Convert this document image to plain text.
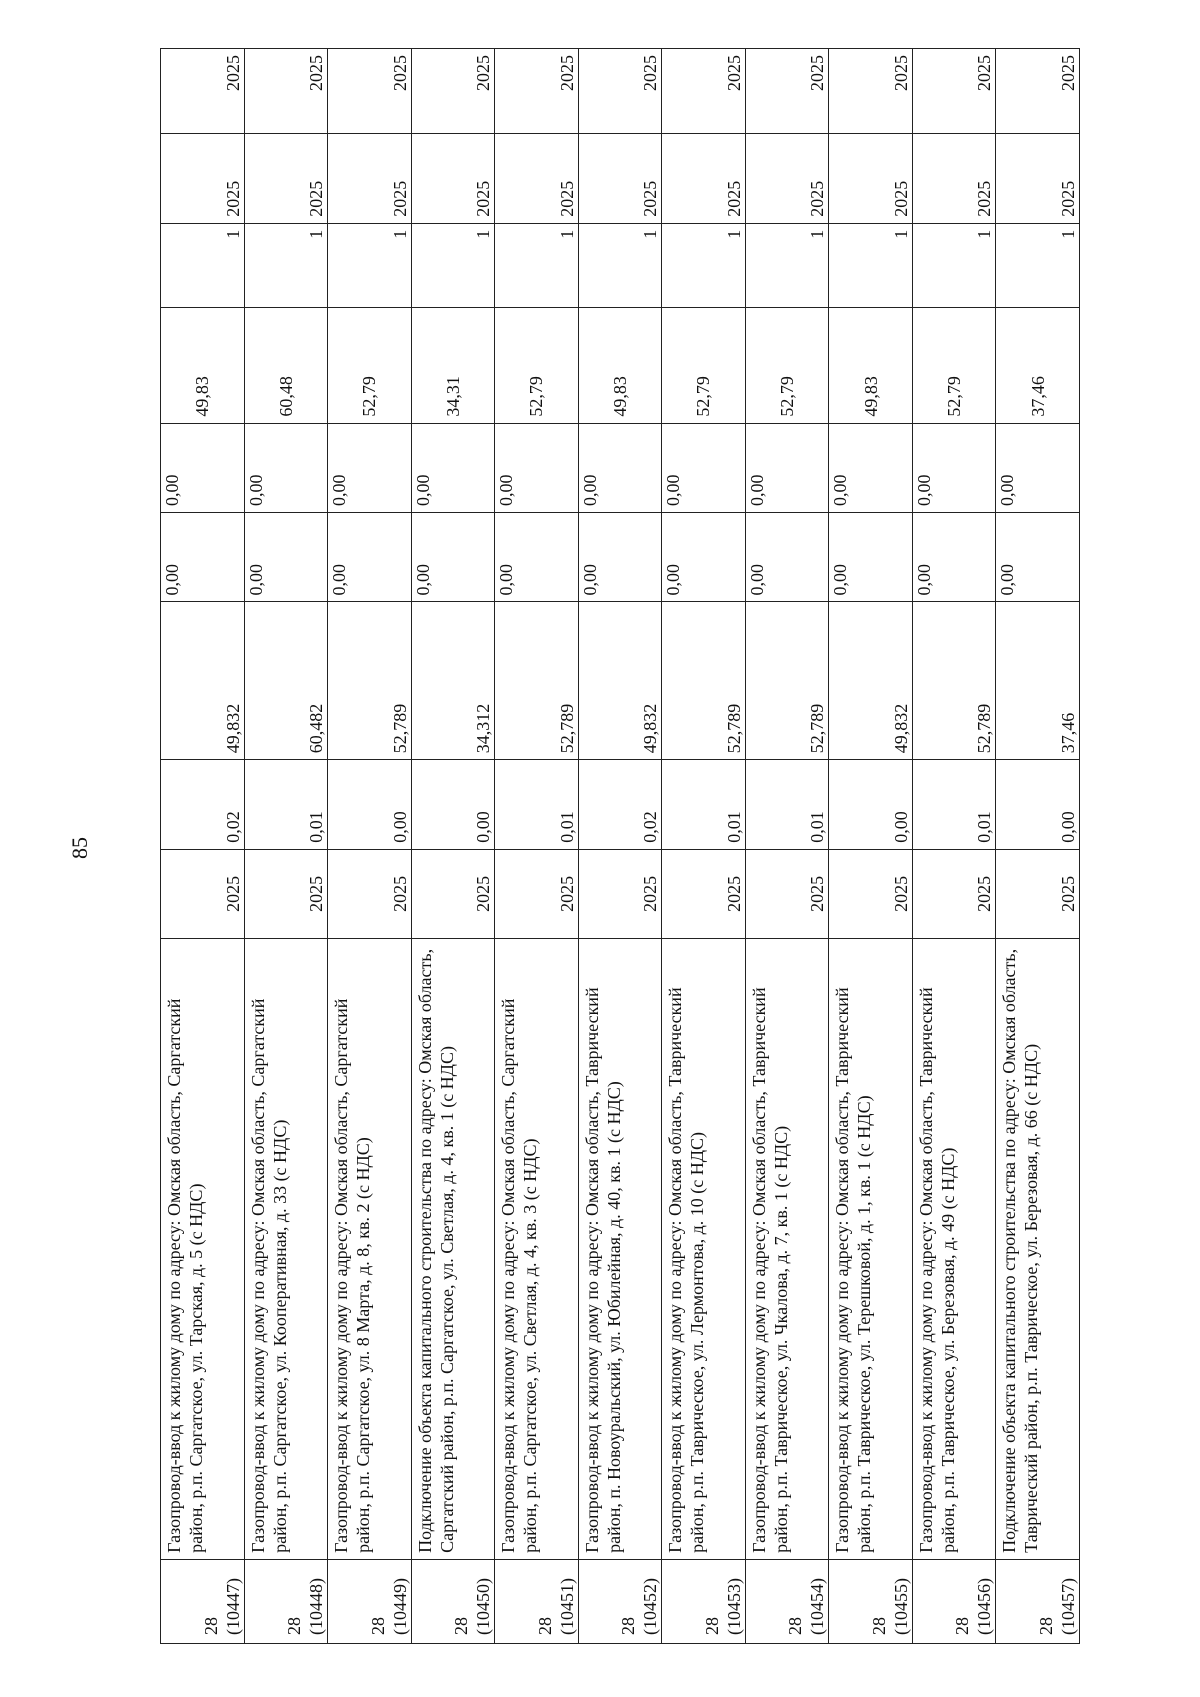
85
28 (10447)	Газопровод-ввод к жилому дому по адресу: Омская область, Саргатский район, р.п. Саргатское, ул. Тарская, д. 5 (с НДС)	2025	0,02	49,832	0,00	0,00	49,83	1	2025	2025

28 (10448)	Газопровод-ввод к жилому дому по адресу: Омская область, Саргатский район, р.п. Саргатское, ул. Кооперативная, д. 33 (с НДС)	2025	0,01	60,482	0,00	0,00	60,48	1	2025	2025

28 (10449)	Газопровод-ввод к жилому дому по адресу: Омская область, Саргатский район, р.п. Саргатское, ул. 8 Марта, д. 8, кв. 2 (с НДС)	2025	0,00	52,789	0,00	0,00	52,79	1	2025	2025

28 (10450)	Подключение объекта капитального строительства по адресу: Омская область, Саргатский район, р.п. Саргатское, ул. Светлая, д. 4, кв. 1 (с НДС)	2025	0,00	34,312	0,00	0,00	34,31	1	2025	2025

28 (10451)	Газопровод-ввод к жилому дому по адресу: Омская область, Саргатский район, р.п. Саргатское, ул. Светлая, д. 4, кв. 3 (с НДС)	2025	0,01	52,789	0,00	0,00	52,79	1	2025	2025

28 (10452)	Газопровод-ввод к жилому дому по адресу: Омская область, Таврический район, п. Новоуральский, ул. Юбилейная, д. 40, кв. 1 (с НДС)	2025	0,02	49,832	0,00	0,00	49,83	1	2025	2025

28 (10453)	Газопровод-ввод к жилому дому по адресу: Омская область, Таврический район, р.п. Таврическое, ул. Лермонтова, д. 10 (с НДС)	2025	0,01	52,789	0,00	0,00	52,79	1	2025	2025

28 (10454)	Газопровод-ввод к жилому дому по адресу: Омская область, Таврический район, р.п. Таврическое, ул. Чкалова, д. 7, кв. 1 (с НДС)	2025	0,01	52,789	0,00	0,00	52,79	1	2025	2025

28 (10455)	Газопровод-ввод к жилому дому по адресу: Омская область, Таврический район, р.п. Таврическое, ул. Терешковой, д. 1, кв. 1 (с НДС)	2025	0,00	49,832	0,00	0,00	49,83	1	2025	2025

28 (10456)	Газопровод-ввод к жилому дому по адресу: Омская область, Таврический район, р.п. Таврическое, ул. Березовая, д. 49 (с НДС)	2025	0,01	52,789	0,00	0,00	52,79	1	2025	2025

28 (10457)	Подключение объекта капитального строительства по адресу: Омская область, Таврический район, р.п. Таврическое, ул. Березовая, д. 66 (с НДС)	2025	0,00	37,46	0,00	0,00	37,46	1	2025	2025
